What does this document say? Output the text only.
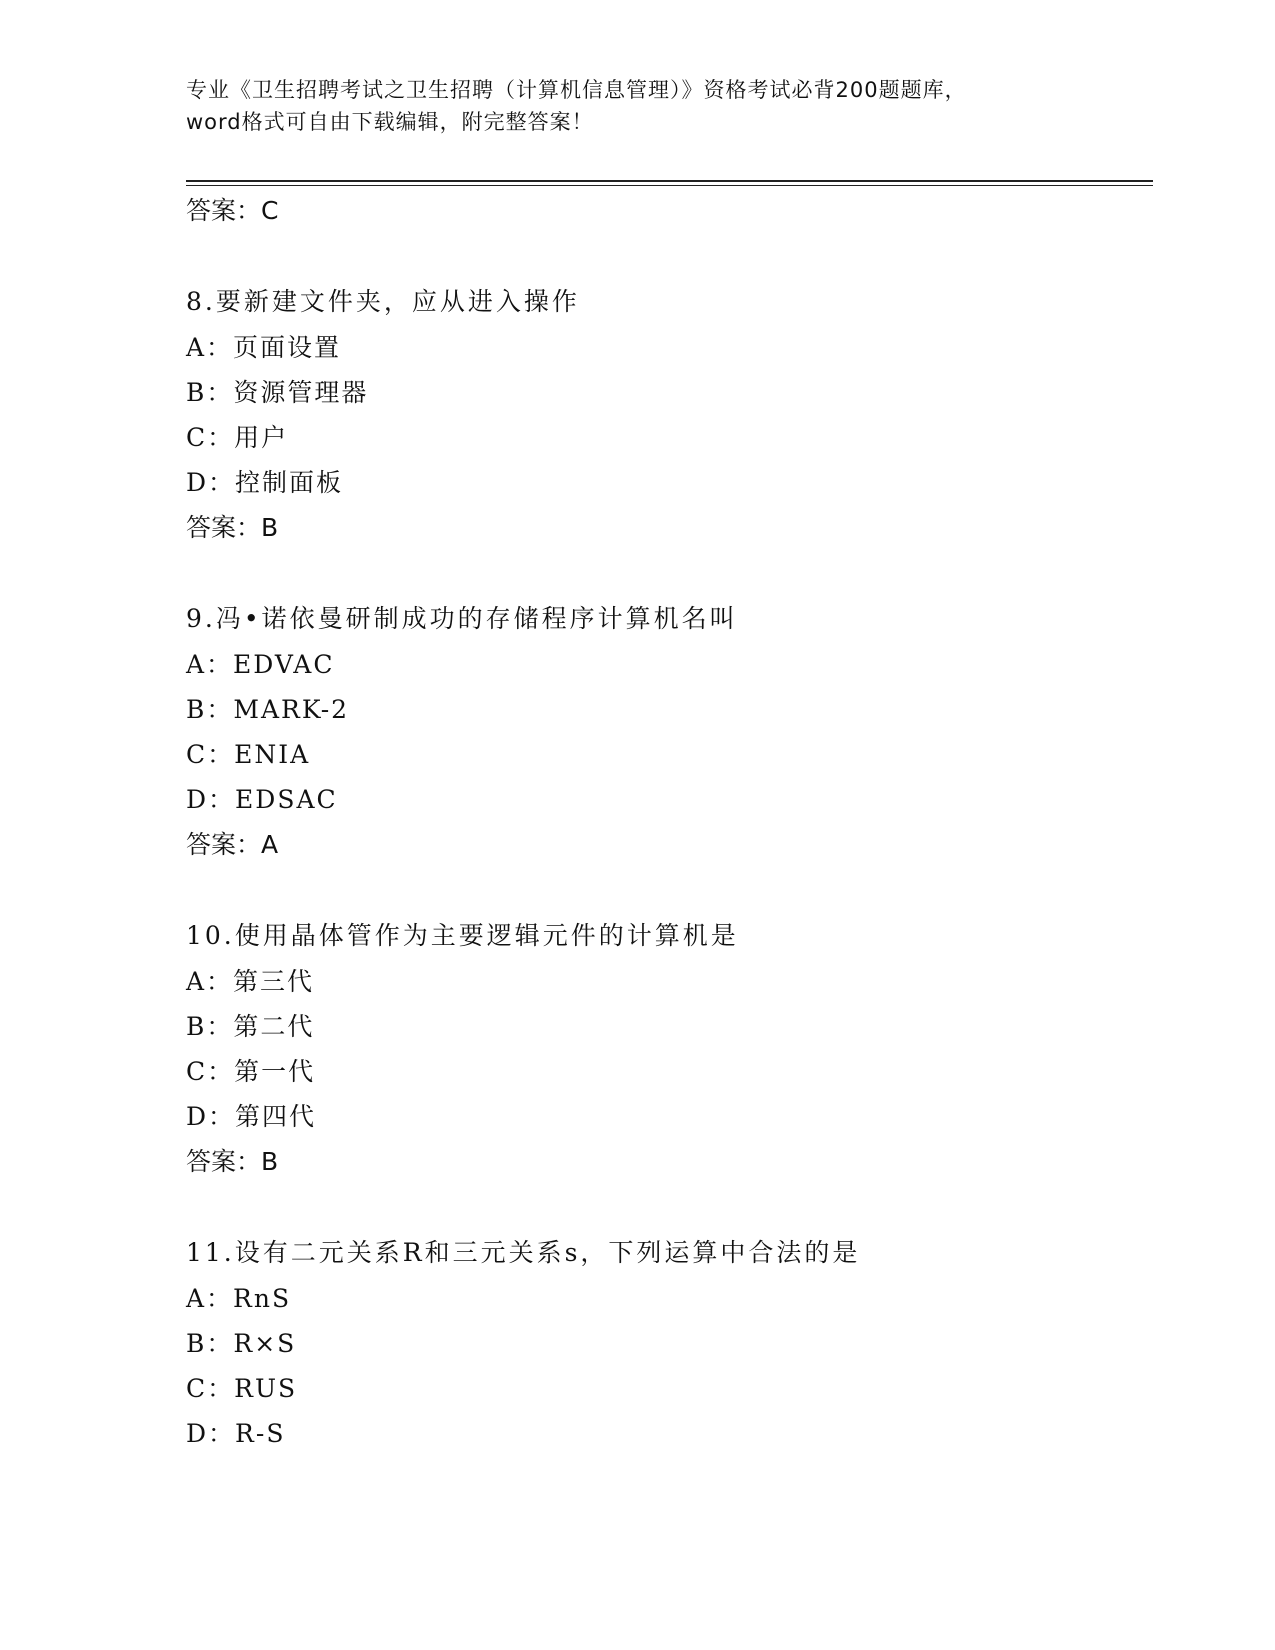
专业《卫生招聘考试之卫生招聘（计算机信息管理）》资格考试必背200题题库，
word格式可自由下载编辑，附完整答案！
答案：C
8.要新建文件夹，应从进入操作
A：页面设置
B：资源管理器
C：用户
D：控制面板
答案：B
9.冯•诺依曼研制成功的存储程序计算机名叫
A：EDVAC
B：MARK-2
C：ENIA
D：EDSAC
答案：A
10.使用晶体管作为主要逻辑元件的计算机是
A：第三代
B：第二代
C：第一代
D：第四代
答案：B
11.设有二元关系R和三元关系s，下列运算中合法的是
A：RnS
B：R×S
C：RUS
D：R-S
